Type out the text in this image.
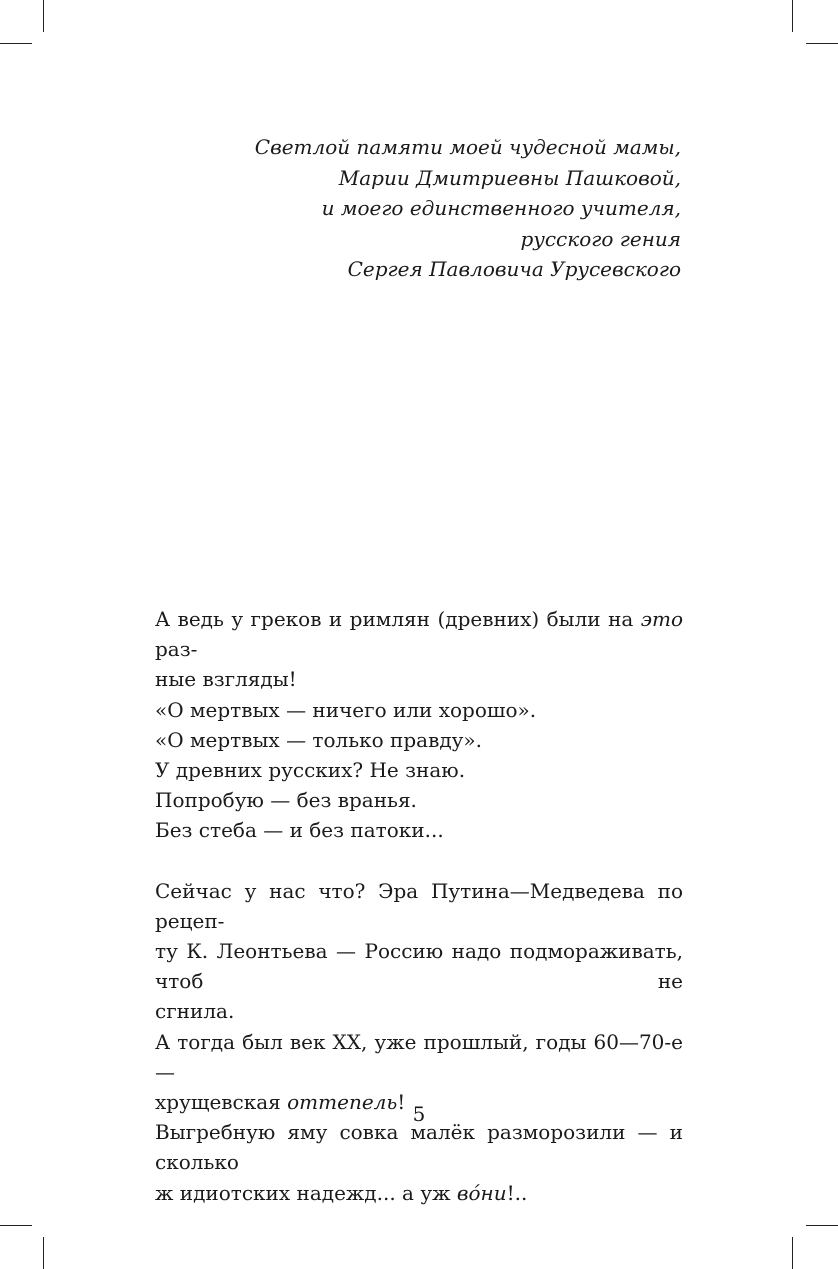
Светлой памяти моей чудесной мамы,
Марии Дмитриевны Пашковой,
и моего единственного учителя,
русского гения
Сергея Павловича Урусевского
А ведь у греков и римлян (древних) были на это раз-
ные взгляды!
«О мертвых — ничего или хорошо».
«О мертвых — только правду».
У древних русских? Не знаю.
Попробую — без вранья.
Без стеба — и без патоки...
Сейчас у нас что? Эра Путина—Медведева по рецеп-
ту К. Леонтьева — Россию надо подмораживать, чтоб не
сгнила.
А тогда был век XX, уже прошлый, годы 60—70-е —
хрущевская оттепель!
Выгребную яму совка малёк разморозили — и сколько
ж идиотских надежд... а уж вóни!..
5
